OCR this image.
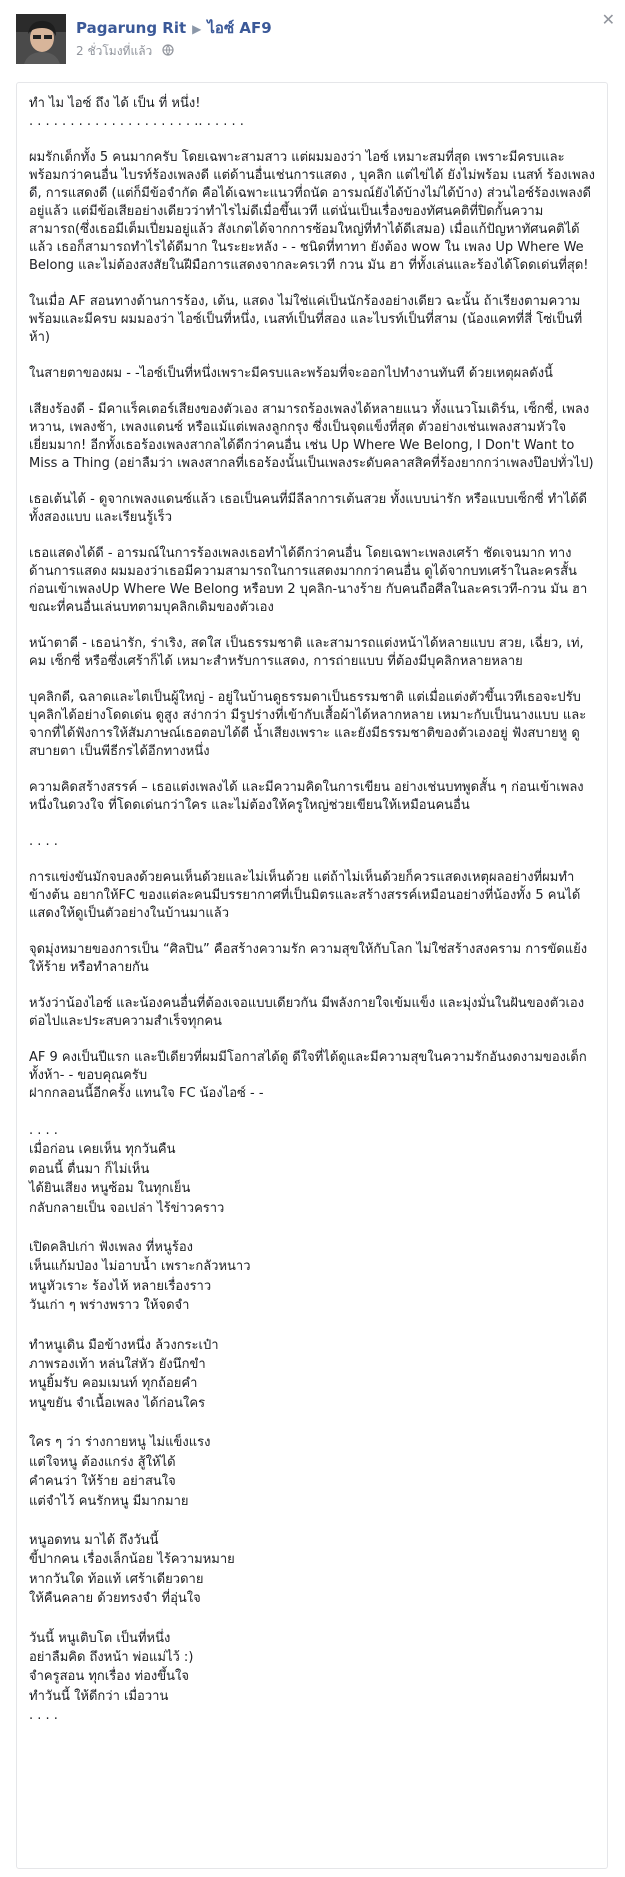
Pagarung Rit ▶ ไอซ์ AF9
2 ชั่วโมงที่แล้ว
✕
ทำ ไม ไอซ์ ถึง ได้ เป็น ที่ หนึ่ง!
. . . . . . . . . . . . . . . . . . . . .. . . . . .
ผมรักเด็กทั้ง 5 คนมากครับ โดยเฉพาะสามสาว แต่ผมมองว่า ไอซ์ เหมาะสมที่สุด เพราะมีครบและพร้อมกว่าคนอื่น ไบรท์ร้องเพลงดี แต่ด้านอื่นเช่นการแสดง , บุคลิก แต่ไข่ได้ ยังไม่พร้อม เนสท์ ร้องเพลงดี, การแสดงดี (แต่ก็มีข้อจำกัด คือได้เฉพาะแนวที่ถนัด อารมณ์ยังได้บ้างไม่ได้บ้าง) ส่วนไอซ์ร้องเพลงดีอยู่แล้ว แต่มีข้อเสียอย่างเดียวว่าทำไรไม่ดีเมื่อขึ้นเวที แต่นั่นเป็นเรื่องของทัศนคติที่ปิดกั้นความสามารถ(ซึ่งเธอมีเต็มเปี่ยมอยู่แล้ว สังเกตได้จากการซ้อมใหญ่ที่ทำได้ดีเสมอ) เมื่อแก้ปัญหาทัศนคติได้แล้ว เธอก็สามารถทำไรได้ดีมาก ในระยะหลัง - - ชนิดที่ทาทา ยังต้อง wow ใน เพลง Up Where We Belong และไม่ต้องสงสัยในฝีมือการแสดงจากละครเวที กวน มัน ฮา ที่ทั้งเล่นและร้องได้โดดเด่นที่สุด!
ในเมื่อ AF สอนทางด้านการร้อง, เต้น, แสดง ไม่ใช่แค่เป็นนักร้องอย่างเดียว ฉะนั้น ถ้าเรียงตามความพร้อมและมีครบ ผมมองว่า ไอซ์เป็นที่หนึ่ง, เนสท์เป็นที่สอง และไบรท์เป็นที่สาม (น้องแคทที่สี่ โซ่เป็นที่ห้า)
ในสายตาของผม - -ไอซ์เป็นที่หนึ่งเพราะมีครบและพร้อมที่จะออกไปทำงานทันที ด้วยเหตุผลดังนี้
เสียงร้องดี - มีคาแร็คเตอร์เสียงของตัวเอง สามารถร้องเพลงได้หลายแนว ทั้งแนวโมเดิร์น, เซ็กซี่, เพลงหวาน, เพลงช้า, เพลงแดนซ์ หรือแม้แต่เพลงลูกกรุง ซึ่งเป็นจุดแข็งที่สุด ตัวอย่างเช่นเพลงสามหัวใจ เยี่ยมมาก! อีกทั้งเธอร้องเพลงสากลได้ดีกว่าคนอื่น เช่น Up Where We Belong, I Don't Want to Miss a Thing (อย่าลืมว่า เพลงสากลที่เธอร้องนั้นเป็นเพลงระดับคลาสสิคที่ร้องยากกว่าเพลงป๊อปทั่วไป)
เธอเต้นได้ - ดูจากเพลงแดนซ์แล้ว เธอเป็นคนที่มีลีลาการเต้นสวย ทั้งแบบน่ารัก หรือแบบเซ็กซี่ ทำได้ดีทั้งสองแบบ และเรียนรู้เร็ว
เธอแสดงได้ดี - อารมณ์ในการร้องเพลงเธอทำได้ดีกว่าคนอื่น โดยเฉพาะเพลงเศร้า ชัดเจนมาก ทางด้านการแสดง ผมมองว่าเธอมีความสามารถในการแสดงมากกว่าคนอื่น ดูได้จากบทเศร้าในละครสั้นก่อนเข้าเพลงUp Where We Belong หรือบท 2 บุคลิก-นางร้าย กับคนถือศีลในละครเวที-กวน มัน ฮา ขณะที่คนอื่นเล่นบทตามบุคลิกเดิมของตัวเอง
หน้าตาดี - เธอน่ารัก, ร่าเริง, สดใส เป็นธรรมชาติ และสามารถแต่งหน้าได้หลายแบบ สวย, เฉี่ยว, เท่, คม เซ็กซี่ หรือซึ่งเศร้าก็ได้ เหมาะสำหรับการแสดง, การถ่ายแบบ ที่ต้องมีบุคลิกหลายหลาย
บุคลิกดี, ฉลาดและไตเป็นผู้ใหญ่ - อยู่ในบ้านดูธรรมดาเป็นธรรมชาติ แต่เมื่อแต่งตัวขึ้นเวทีเธอจะปรับบุคลิกได้อย่างโดดเด่น ดูสูง สง่ากว่า มีรูปร่างที่เข้ากับเสื้อผ้าได้หลากหลาย เหมาะกับเป็นนางแบบ และจากที่ได้ฟังการให้สัมภาษณ์เธอตอบได้ดี น้ำเสียงเพราะ และยังมีธรรมชาติของตัวเองอยู่ ฟังสบายหู ดูสบายตา เป็นพีธีกรได้อีกทางหนึ่ง
ความคิดสร้างสรรค์ – เธอแต่งเพลงได้ และมีความคิดในการเขียน อย่างเช่นบทพูดสั้น ๆ ก่อนเข้าเพลงหนึ่งในดวงใจ ที่โดดเด่นกว่าใคร และไม่ต้องให้ครูใหญ่ช่วยเขียนให้เหมือนคนอื่น
. . . .
การแข่งขันมักจบลงด้วยคนเห็นด้วยและไม่เห็นด้วย แต่ถ้าไม่เห็นด้วยก็ควรแสดงเหตุผลอย่างที่ผมทำข้างต้น อยากให้FC ของแต่ละคนมีบรรยากาศที่เป็นมิตรและสร้างสรรค์เหมือนอย่างที่น้องทั้ง 5 คนได้แสดงให้ดูเป็นตัวอย่างในบ้านมาแล้ว
จุดมุ่งหมายของการเป็น “ศิลปิน” คือสร้างความรัก ความสุขให้กับโลก ไม่ใช่สร้างสงคราม การขัดแย้ง ให้ร้าย หรือทำลายกัน
หวังว่าน้องไอซ์ และน้องคนอื่นที่ต้องเจอแบบเดียวกัน มีพลังกายใจเข้มแข็ง และมุ่งมั่นในฝันของตัวเองต่อไปและประสบความสำเร็จทุกคน
AF 9 คงเป็นปีแรก และปีเดียวที่ผมมีโอกาสได้ดู ดีใจที่ได้ดูและมีความสุขในความรักอันงดงามของเด็กทั้งห้า- - ขอบคุณครับ
ฝากกลอนนี้อีกครั้ง แทนใจ FC น้องไอซ์ - -
. . . .
เมื่อก่อน เคยเห็น ทุกวันคืน
ตอนนี้ ตื่นมา ก็ไม่เห็น
ได้ยินเสียง หนูซ้อม ในทุกเย็น
กลับกลายเป็น จอเปล่า ไร้ข่าวคราว
เปิดคลิปเก่า ฟังเพลง ที่หนูร้อง
เห็นแก้มป่อง ไม่อาบน้ำ เพราะกลัวหนาว
หนูหัวเราะ ร้องไห้ หลายเรื่องราว
วันเก่า ๆ พร่างพราว ให้จดจำ
ทำหนูเดิน มือข้างหนึ่ง ล้วงกระเป๋า
ภาพรองเท้า หล่นใส่หัว ยังนึกขำ
หนูยิ้มรับ คอมเมนท์ ทุกถ้อยคำ
หนูขยัน จำเนื้อเพลง ได้ก่อนใคร
ใคร ๆ ว่า ร่างกายหนู ไม่แข็งแรง
แต่ใจหนู ต้องแกร่ง สู้ให้ได้
คำคนว่า ให้ร้าย อย่าสนใจ
แต่จำไว้ คนรักหนู มีมากมาย
หนูอดทน มาได้ ถึงวันนี้
ขี้ปากคน เรื่องเล็กน้อย ไร้ความหมาย
หากวันใด ท้อแท้ เศร้าเดียวดาย
ให้คืนคลาย ด้วยทรงจำ ที่อุ่นใจ
วันนี้ หนูเติบโต เป็นที่หนึ่ง
อย่าลืมคิด ถึงหน้า พ่อแม่ไว้ :)
จำครูสอน ทุกเรื่อง ท่องขึ้นใจ
ทำวันนี้ ให้ดีกว่า เมื่อวาน
. . . .
